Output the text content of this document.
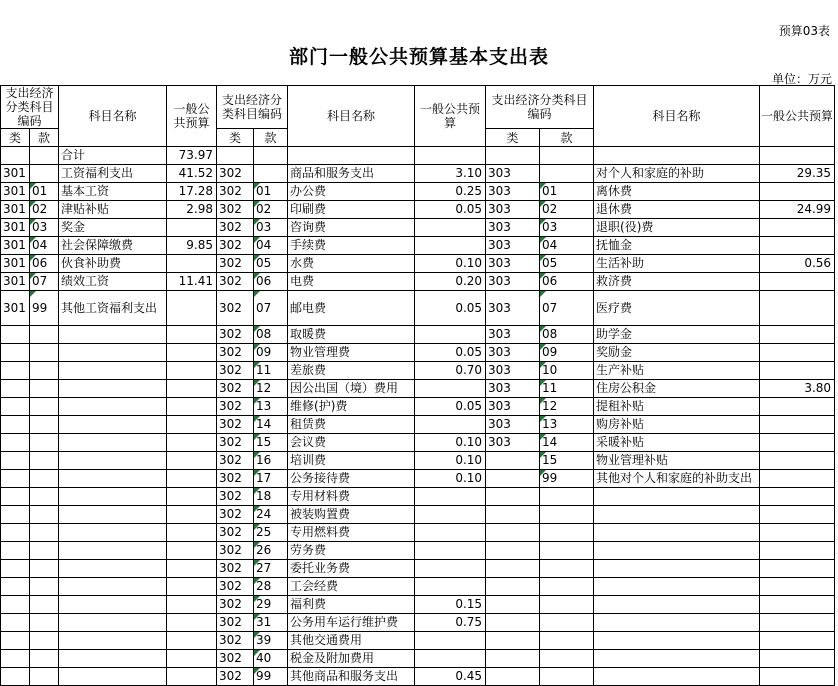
预算03表
部门一般公共预算基本支出表
单位：万元
支出经济分类科目编码		科目名称	一般公共预算	支出经济分类科目编码		科目名称	一般公共预算	支出经济分类科目编码		科目名称	一般公共预算
类	款			类	款			类	款		
		合计	73.97								
301		工资福利支出	41.52	302		商品和服务支出	3.10	303		对个人和家庭的补助	29.35
301	01	基本工资	17.28	302	01	办公费	0.25	303	01	离休费	
301	02	津贴补贴	2.98	302	02	印刷费	0.05	303	02	退休费	24.99
301	03	奖金		302	03	咨询费		303	03	退职(役)费	
301	04	社会保障缴费	9.85	302	04	手续费		303	04	抚恤金	
301	06	伙食补助费		302	05	水费	0.10	303	05	生活补助	0.56
301	07	绩效工资	11.41	302	06	电费	0.20	303	06	救济费	
301	99	其他工资福利支出		302	07	邮电费	0.05	303	07	医疗费	
				302	08	取暖费		303	08	助学金	
				302	09	物业管理费	0.05	303	09	奖励金	
				302	11	差旅费	0.70	303	10	生产补贴	
				302	12	因公出国（境）费用		303	11	住房公积金	3.80
				302	13	维修(护)费	0.05	303	12	提租补贴	
				302	14	租赁费		303	13	购房补贴	
				302	15	会议费	0.10	303	14	采暖补贴	
				302	16	培训费	0.10		15	物业管理补贴	
				302	17	公务接待费	0.10		99	其他对个人和家庭的补助支出	
				302	18	专用材料费					
				302	24	被装购置费					
				302	25	专用燃料费					
				302	26	劳务费					
				302	27	委托业务费					
				302	28	工会经费					
				302	29	福利费	0.15				
				302	31	公务用车运行维护费	0.75				
				302	39	其他交通费用					
				302	40	税金及附加费用					
				302	99	其他商品和服务支出	0.45				
